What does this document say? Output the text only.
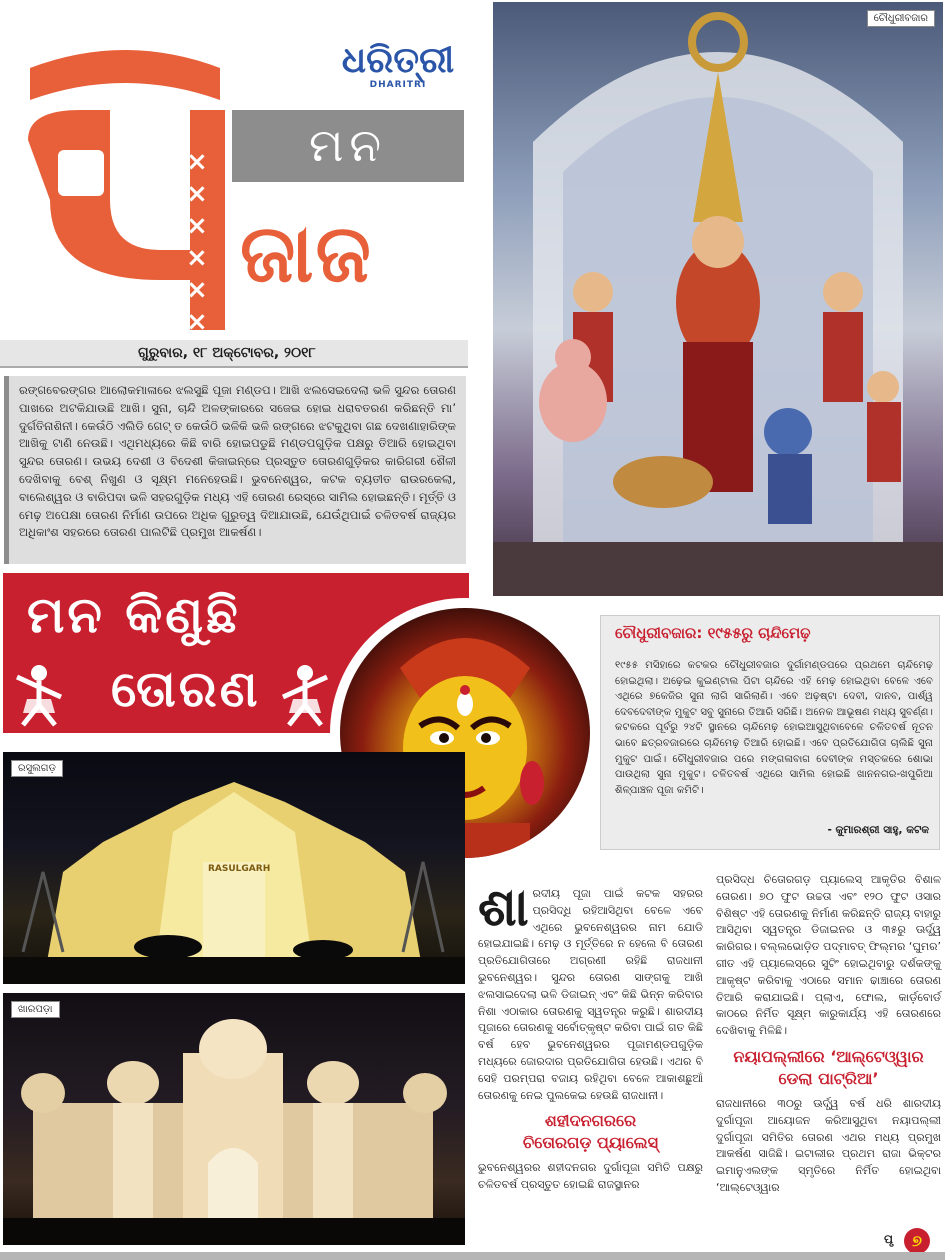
×
×
×
×
×
×
ଧରିତ୍ରୀ
DHARITRI
ମନ
ଜାଜ
ଗୁରୁବାର, ୧୮ ଅକ୍ଟୋବର, ୨୦୧୮
ରଙ୍ଗବେରଙ୍ଗର ଆଲୋକମାଳାରେ ଝଲସୁଛି ପୂଜା ମଣ୍ଡପ। ଆଖି ଝଲସେଇଦେଲା ଭଳି ସୁନ୍ଦର ତୋରଣ ପାଖରେ ଅଟକିଯାଉଛି ଆଖି। ସୁନା, ଚାନ୍ଦି ଅଳଙ୍କାରରେ ସଜେଇ ହୋଇ ଧରାବତରଣ କରିଛନ୍ତି ମା’ ଦୁର୍ଗତିନାଶିନୀ। କେଉଁଠି ଏଲିଡି ଗେଟ୍‌ ତ କେଉଁଠି ଭଳିକି ଭଳି ରଙ୍ଗରେ ଝଟକୁଥିବା ଗଛ ଦେଖଣାହାରିଙ୍କ ଆଖିକୁ ଟାଣି ନେଉଛି। ଏଥିମଧ୍ୟରେ କିଛି ବାରି ହୋଇପଡୁଛି ମଣ୍ଡପଗୁଡ଼ିକ ପକ୍ଷରୁ ତିଆରି ହୋଇଥିବା ସୁନ୍ଦର ତୋରଣ। ଉଭୟ ଦେଶୀ ଓ ବିଦେଶୀ କିଜାଇନ୍‌ରେ ପ୍ରସ୍ତୁତ ତୋରଣଗୁଡ଼ିକର କାରିଗରୀ ଶୈଳୀ ଦେଖିବାକୁ ବେଶ୍‌ ନିଖୁଣ ଓ ସୂକ୍ଷ୍ମ ମନେହେଉଛି। ଭୁବନେଶ୍ୱର, କଟକ ବ୍ୟତୀତ ରାଉରକେଲା, ବାଲେଶ୍ୱର ଓ ବାରିପଦା ଭଳି ସହରଗୁଡ଼ିକ ମଧ୍ୟ ଏହି ତୋରଣ ରେସ୍‌ରେ ସାମିଲ ହୋଇଛନ୍ତି। ମୂର୍ତ୍ତି ଓ ମେଢ଼ ଅପେକ୍ଷା ତୋରଣ ନିର୍ମାଣ ଉପରେ ଅଧିକ ଗୁରୁତ୍ୱ ଦିଆଯାଉଛି, ଯେଉଁଥିପାଇଁ ଚଳିତବର୍ଷ ରାଜ୍ୟର ଅଧିକାଂଶ ସହରରେ ତୋରଣ ପାଲଟିଛି ପ୍ରମୁଖ ଆକର୍ଷଣ।
ଚୌଧୁରୀବଜାର
ମନ କିଣୁଛି
ତୋରଣ
ଚୌଧୁରୀବଜାର: ୧୯୫୫ରୁ ଚାନ୍ଦିମେଢ଼
୧୯୫୫ ମସିହାରେ କଟକର ଚୌଧୁରୀବଜାର ଦୁର୍ଗାମଣ୍ଡପରେ ପ୍ରଥମେ ଚାନ୍ଦିମେଢ଼ ହୋଇଥିଲା। ଅଢ଼େଇ କୁଇଣ୍ଟାଲ ପିଟା ଚାନ୍ଦିରେ ଏହି ମେଢ଼ ହୋଇଥିବା ବେଳେ ଏବେ ଏଥିରେ ୭କେଜିର ସୁନା ଲାଗି ସାରିଲାଣି। ଏବେ ଅଢ଼ଷ୍ଟା ଦେବୀ, ଦାନବ, ପାର୍ଶ୍ୱ ଦେବଦେବୀଙ୍କ ମୁକୁଟ ସବୁ ସୁନାରେ ତିଆରି ସରିଛି। ଅନେକ ଆଭୂଷଣ ମଧ୍ୟ ସୁବର୍ଣ୍ଣ। କଟକରେ ପୂର୍ବରୁ ୨୪ଟି ସ୍ଥାନରେ ଚାନ୍ଦିମେଢ଼ ହୋଇଆସୁଥିବାବେଳେ ଚଳିତବର୍ଷ ନୂତନ ଭାବେ ଛତ୍ରବଜାରରେ ଚାନ୍ଦିମେଢ଼ ତିଆରି ହୋଇଛି। ଏବେ ପ୍ରତିଯୋଗିତା ଚାଲିଛି ସୁନା ମୁକୁଟ ପାଇଁ। ଚୌଧୁରୀବଜାର ପରେ ମଙ୍ଗଳାବାଗ ଦେବୀଙ୍କ ମସ୍ତକରେ ଶୋଭା ପାଉଥିଲା ସୁନା ମୁକୁଟ। ଚଳିତବର୍ଷ ଏଥିରେ ସାମିଲ ହୋଇଛି ଖାନନଗର-ଖପୁରିଆ ଶିଳ୍ପାଞ୍ଚଳ ପୂଜା କମିଟି।
- କୁମାରଶ୍ରୀ ସାହୁ, କଟକ
RASULGARH
ରସୁଲଗଡ଼
ଖାରପଡ଼ା
ଶା ରଦୀୟ ପୂଜା ପାଇଁ କଟକ ସହରର ପ୍ରସିଦ୍ଧି ରହିଆସିଥିବା ବେଳେ ଏବେ ଏଥିରେ ଭୁବନେଶ୍ୱରର ନାମ ଯୋଡି ହୋଇଯାଇଛି। ମେଢ଼ ଓ ମୂର୍ତ୍ତିରେ ନ ହେଲେ ବି ତୋରଣ ପ୍ରତିଯୋଗିତାରେ ଅଗ୍ରଣୀ ରହିଛି ରାଜଧାନୀ ଭୁବନେଶ୍ୱର। ସୁନ୍ଦର ତୋରଣ ସାଙ୍ଗକୁ ଆଖି ଝଲସାଇଦେଲା ଭଳି ଡିଜାଇନ୍‌ ଏବଂ କିଛି ଭିନ୍ନ କରିବାର ନିଶା ଏଠାକାର ତୋରଣକୁ ସ୍ୱତନ୍ତ୍ର କରୁଛି। ଶାରଦୀୟ ପୂଜାରେ ତୋରଣକୁ ସର୍ବୋତ୍କୃଷ୍ଟ କରିବା ପାଇଁ ଗତ କିଛି ବର୍ଷ ହେବ ଭୁବନେଶ୍ୱରର ପୂଜାମଣ୍ଡପଗୁଡ଼ିକ ମଧ୍ୟରେ ଜୋରଦାର ପ୍ରତିଯୋଗିତା ହେଉଛି। ଏଥର ବି ସେହି ପରମ୍ପରା ବଜାୟ ରହିଥିବା ବେଳେ ଆକାଶଛୁଆଁ ତୋରଣକୁ ନେଇ ପୁଲକେଇ ହେଉଛି ରାଜଧାନୀ।
ଶହୀଦନଗରରେ
ଚିତୋରଗଡ଼ ପ୍ୟାଲେସ୍‌
ଭୁବନେଶ୍ୱରର ଶହୀଦନଗର ଦୁର୍ଗାପୂଜା ସମିତି ପକ୍ଷରୁ ଚଳିତବର୍ଷ ପ୍ରସ୍ତୁତ ହୋଇଛି ରାଜସ୍ଥାନର
ପ୍ରସିଦ୍ଧ ଚିତୋରଗଡ଼ ପ୍ୟାଲେସ୍‌ ଆକୃତିର ବିଶାଳ ତୋରଣ। ୭୦ ଫୁଟ ଉଚ୍ଚତା ଏବଂ ୧୨୦ ଫୁଟ ଓସାର ବିଶିଷ୍ଟ ଏହି ତୋରଣକୁ ନିର୍ମାଣ କରିଛନ୍ତି ରାଜ୍ୟ ବାହାରୁ ଆସିଥିବା ସ୍ୱତନ୍ତ୍ର ଡିଜାଇନର ଓ ୩୫ରୁ ଊର୍ଦ୍ଧ୍ୱ କାରିଗର। ବଲ୍ଲଭୋଡ଼ିତ ପଦ୍ମାବତ୍‌ ଫିଲ୍ମର ‘ଘୁମର’ ଗୀତ ଏହି ପ୍ୟାଲେସ୍‌ରେ ସୁଟିଂ ହୋଇଥିବାରୁ ଦର୍ଶକଙ୍କୁ ଆକୃଷ୍ଟ କରିବାକୁ ଏଠାରେ ସମାନ ଢାଞ୍ଚାରେ ତୋରଣ ତିଆରି କରାଯାଇଛି। ପ୍ଲାଏ, ଫୋଲ, କାର୍ଡ଼ବୋର୍ଡ କାଠରେ ନିର୍ମିତ ସୂକ୍ଷ୍ମ କାରୁକାର୍ଯ୍ୟ ଏହି ତୋରଣରେ ଦେଖିବାକୁ ମିଳିଛି।
ନୟାପଲ୍ଲୀରେ ‘ଆଲ୍‌ଟେଓ୍ୱାର
ଡେଲା ପାଟ୍ରିଆ’
ରାଜଧାନୀରେ ୩୦ରୁ ଊର୍ଦ୍ଧ୍ୱ ବର୍ଷ ଧରି ଶାରଦୀୟ ଦୁର୍ଗାପୂଜା ଆୟୋଜନ କରିଆସୁଥିବା ନୟାପଲ୍ଲୀ ଦୁର୍ଗାପୂଜା ସମିତିର ତୋରଣ ଏଥର ମଧ୍ୟ ପ୍ରମୁଖ ଆକର୍ଷଣ ସାଜିଛି। ଇଟାଲୀର ପ୍ରଥମ ରାଜା ଭିକ୍ଟର ଇମାନୁଏଲଙ୍କ ସ୍ମୃତିରେ ନିର୍ମିତ ହୋଇଥିବା ‘ଆଲ୍‌ଟେଓ୍ୱାର
ପୃ	୭
